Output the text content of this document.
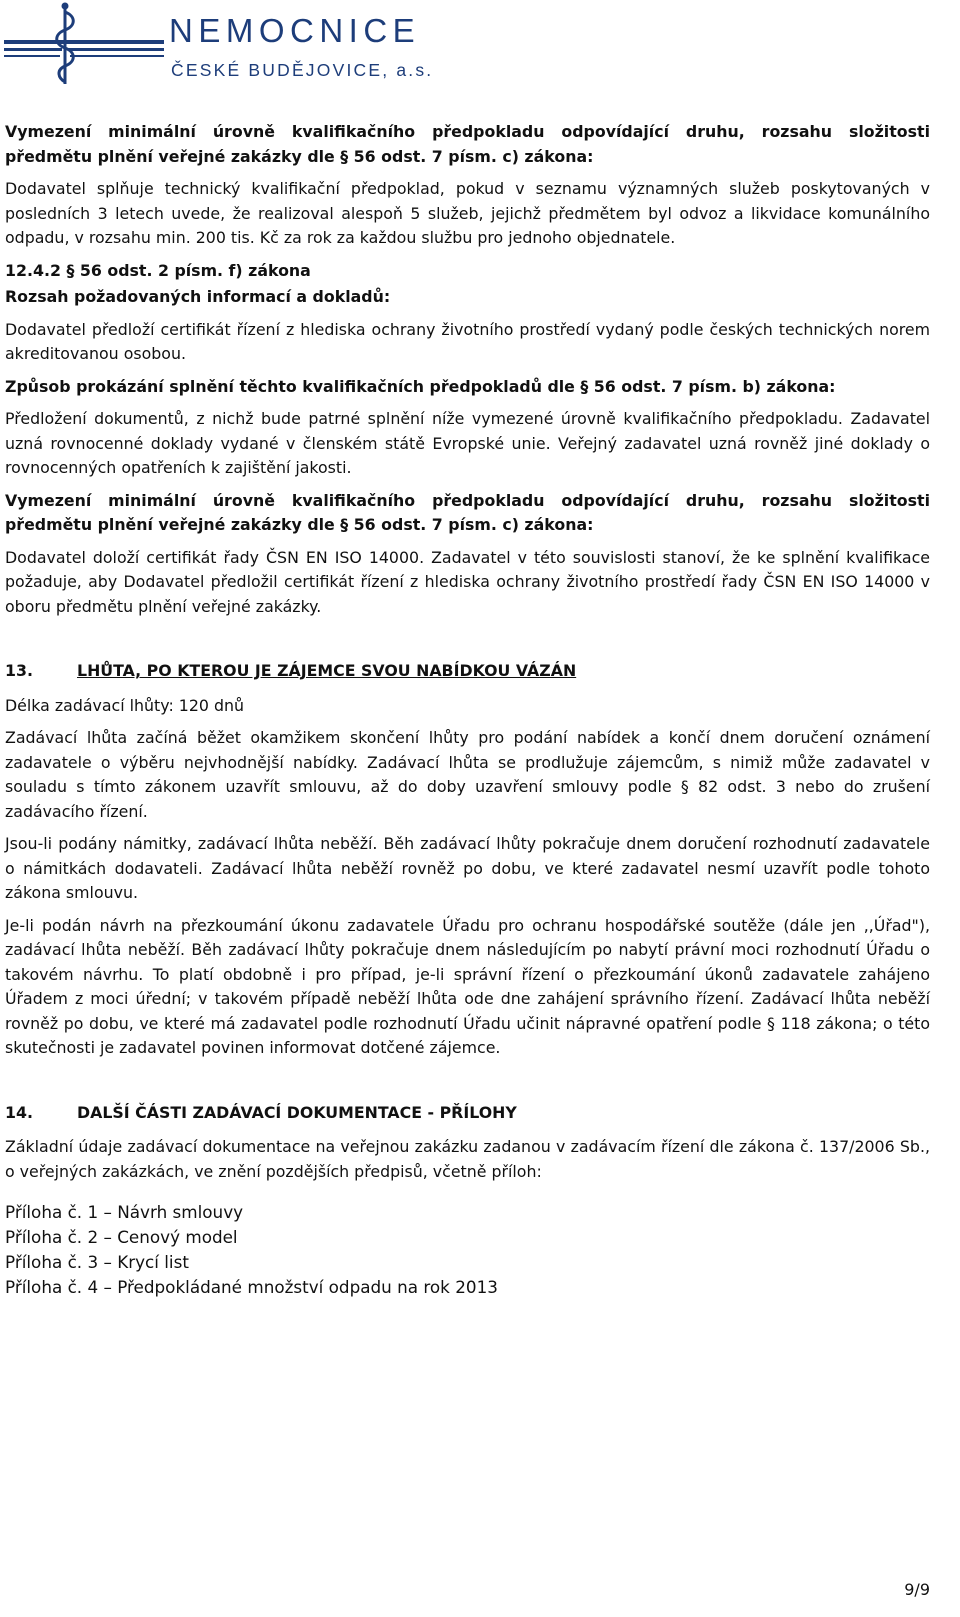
NEMOCNICE
ČESKÉ BUDĚJOVICE, a.s.

Vymezení minimální úrovně kvalifikačního předpokladu odpovídající druhu, rozsahu složitosti předmětu plnění veřejné zakázky dle § 56 odst. 7 písm. c) zákona:

Dodavatel splňuje technický kvalifikační předpoklad, pokud v seznamu významných služeb poskytovaných v posledních 3 letech uvede, že realizoval alespoň 5 služeb, jejichž předmětem byl odvoz a likvidace komunálního odpadu, v rozsahu min. 200 tis. Kč za rok za každou službu pro jednoho objednatele.

12.4.2 § 56 odst. 2 písm. f) zákona

Rozsah požadovaných informací a dokladů:

Dodavatel předloží certifikát řízení z hlediska ochrany životního prostředí vydaný podle českých technických norem akreditovanou osobou.

Způsob prokázání splnění těchto kvalifikačních předpokladů dle § 56 odst. 7 písm. b) zákona:

Předložení dokumentů, z nichž bude patrné splnění níže vymezené úrovně kvalifikačního předpokladu. Zadavatel uzná rovnocenné doklady vydané v členském státě Evropské unie. Veřejný zadavatel uzná rovněž jiné doklady o rovnocenných opatřeních k zajištění jakosti.

Vymezení minimální úrovně kvalifikačního předpokladu odpovídající druhu, rozsahu složitosti předmětu plnění veřejné zakázky dle § 56 odst. 7 písm. c) zákona:

Dodavatel doloží certifikát řady ČSN EN ISO 14000. Zadavatel v této souvislosti stanoví, že ke splnění kvalifikace požaduje, aby Dodavatel předložil certifikát řízení z hlediska ochrany životního prostředí řady ČSN EN ISO 14000 v oboru předmětu plnění veřejné zakázky.

13.	LHŮTA, PO KTEROU JE ZÁJEMCE SVOU NABÍDKOU VÁZÁN

Délka zadávací lhůty: 120 dnů

Zadávací lhůta začíná běžet okamžikem skončení lhůty pro podání nabídek a končí dnem doručení oznámení zadavatele o výběru nejvhodnější nabídky. Zadávací lhůta se prodlužuje zájemcům, s nimiž může zadavatel v souladu s tímto zákonem uzavřít smlouvu, až do doby uzavření smlouvy podle § 82 odst. 3 nebo do zrušení zadávacího řízení.

Jsou-li podány námitky, zadávací lhůta neběží. Běh zadávací lhůty pokračuje dnem doručení rozhodnutí zadavatele o námitkách dodavateli. Zadávací lhůta neběží rovněž po dobu, ve které zadavatel nesmí uzavřít podle tohoto zákona smlouvu.

Je-li podán návrh na přezkoumání úkonu zadavatele Úřadu pro ochranu hospodářské soutěže (dále jen ,,Úřad"), zadávací lhůta neběží. Běh zadávací lhůty pokračuje dnem následujícím po nabytí právní moci rozhodnutí Úřadu o takovém návrhu. To platí obdobně i pro případ, je-li správní řízení o přezkoumání úkonů zadavatele zahájeno Úřadem z moci úřední; v takovém případě neběží lhůta ode dne zahájení správního řízení. Zadávací lhůta neběží rovněž po dobu, ve které má zadavatel podle rozhodnutí Úřadu učinit nápravné opatření podle § 118 zákona; o této skutečnosti je zadavatel povinen informovat dotčené zájemce.

14.	DALŠÍ ČÁSTI ZADÁVACÍ DOKUMENTACE - PŘÍLOHY

Základní údaje zadávací dokumentace na veřejnou zakázku zadanou v zadávacím řízení dle zákona č. 137/2006 Sb., o veřejných zakázkách, ve znění pozdějších předpisů, včetně příloh:

Příloha č. 1 – Návrh smlouvy

Příloha č. 2 – Cenový model

Příloha č. 3 – Krycí list

Příloha č. 4 – Předpokládané množství odpadu na rok 2013

9/9
